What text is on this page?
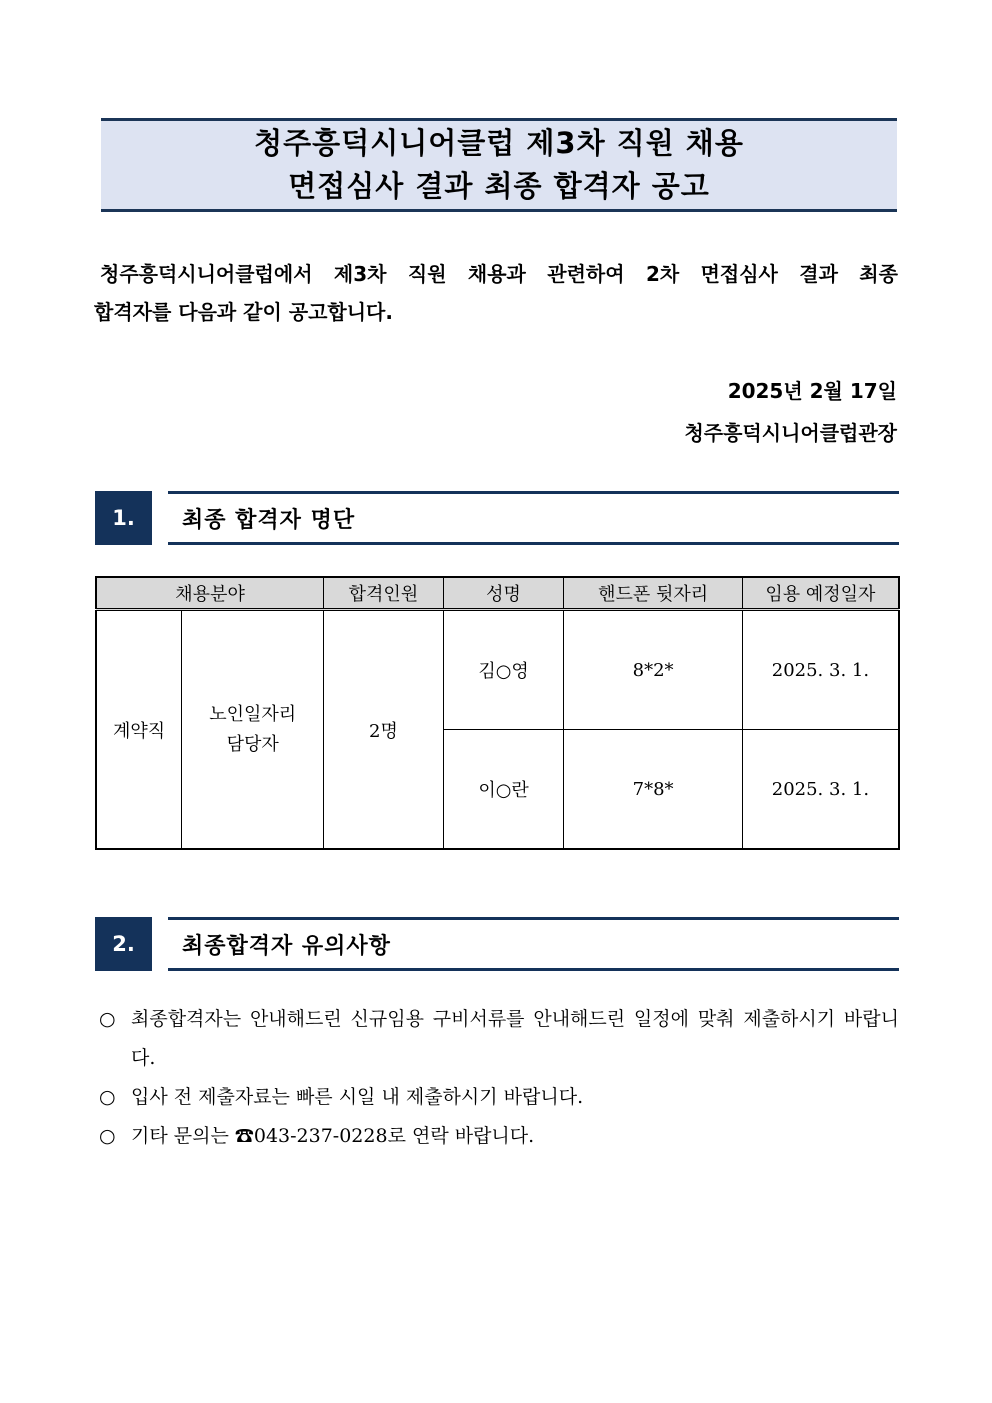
청주흥덕시니어클럽 제3차 직원 채용
면접심사 결과 최종 합격자 공고
청주흥덕시니어클럽에서 제3차 직원 채용과 관련하여 2차 면접심사 결과 최종
합격자를 다음과 같이 공고합니다.
2025년 2월 17일
청주흥덕시니어클럽관장
1.	최종 합격자 명단
채용분야		합격인원	성명	핸드폰 뒷자리	임용 예정일자
계약직	노인일자리 담당자	2명	김○영	8*2*	2025. 3. 1.
			이○란	7*8*	2025. 3. 1.
2.	최종합격자 유의사항
○ 최종합격자는 안내해드린 신규임용 구비서류를 안내해드린 일정에 맞춰 제출하시기 바랍니다.
○ 입사 전 제출자료는 빠른 시일 내 제출하시기 바랍니다.
○ 기타 문의는 ☎043-237-0228로 연락 바랍니다.
